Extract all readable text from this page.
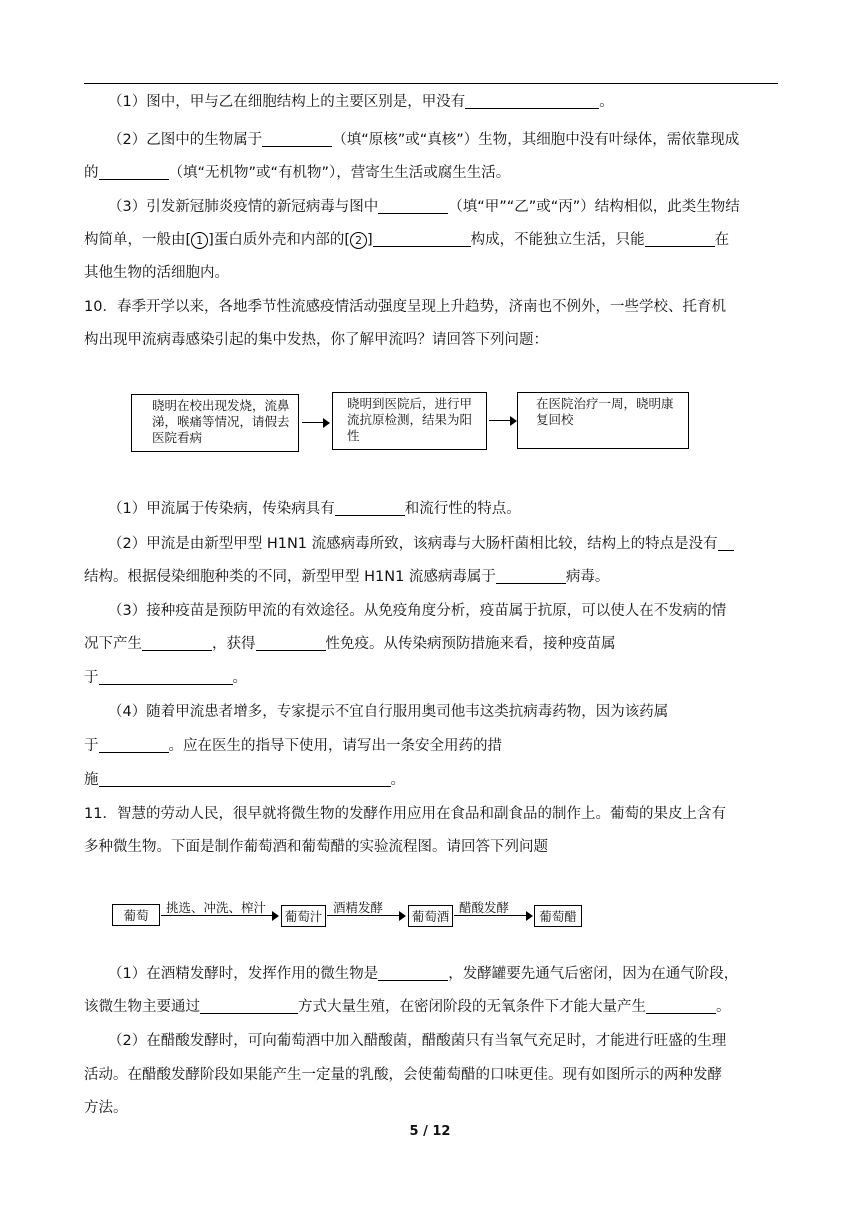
（1）图中，甲与乙在细胞结构上的主要区别是，甲没有	。
（2）乙图中的生物属于	（填“原核”或“真核”）生物，其细胞中没有叶绿体，需依靠现成
的	（填“无机物”或“有机物”），营寄生生活或腐生生活。
（3）引发新冠肺炎疫情的新冠病毒与图中	（填“甲”“乙”或“丙”）结构相似，此类生物结
构简单，一般由[ 1 ]蛋白质外壳和内部的[ 2 ]	构成，不能独立生活，只能	在
其他生物的活细胞内。
10．春季开学以来，各地季节性流感疫情活动强度呈现上升趋势，济南也不例外，一些学校、托育机
构出现甲流病毒感染引起的集中发热，你了解甲流吗？请回答下列问题：
晓明在校出现发烧，流鼻涕，喉痛等情况，请假去医院看病
晓明到医院后，进行甲流抗原检测，结果为阳性
在医院治疗一周，晓明康复回校
（1）甲流属于传染病，传染病具有	和流行性的特点。
（2）甲流是由新型甲型 H1N1 流感病毒所致，该病毒与大肠杆菌相比较，结构上的特点是没有
结构。根据侵染细胞种类的不同，新型甲型 H1N1 流感病毒属于	病毒。
（3）接种疫苗是预防甲流的有效途径。从免疫角度分析，疫苗属于抗原，可以使人在不发病的情
况下产生	，获得	性免疫。从传染病预防措施来看，接种疫苗属
于	。
（4）随着甲流患者增多，专家提示不宜自行服用奥司他韦这类抗病毒药物，因为该药属
于	。应在医生的指导下使用，请写出一条安全用药的措
施	。
11．智慧的劳动人民，很早就将微生物的发酵作用应用在食品和副食品的制作上。葡萄的果皮上含有
多种微生物。下面是制作葡萄酒和葡萄醋的实验流程图。请回答下列问题
葡萄
挑选、冲洗、榨汁
葡萄汁
酒精发酵
葡萄酒
醋酸发酵
葡萄醋
（1）在酒精发酵时，发挥作用的微生物是	，发酵罐要先通气后密闭，因为在通气阶段，
该微生物主要通过	方式大量生殖，在密闭阶段的无氧条件下才能大量产生	。
（2）在醋酸发酵时，可向葡萄酒中加入醋酸菌，醋酸菌只有当氧气充足时，才能进行旺盛的生理
活动。在醋酸发酵阶段如果能产生一定量的乳酸，会使葡萄醋的口味更佳。现有如图所示的两种发酵
方法。
5 / 12
